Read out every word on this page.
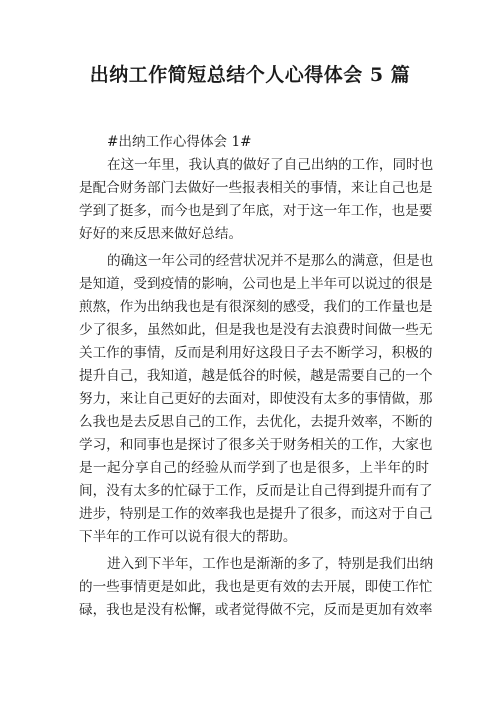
出纳工作简短总结个人心得体会 5 篇

#出纳工作心得体会 1#

在这一年里，我认真的做好了自己出纳的工作，同时也
是配合财务部门去做好一些报表相关的事情，来让自己也是
学到了挺多，而今也是到了年底，对于这一年工作，也是要
好好的来反思来做好总结。
的确这一年公司的经营状况并不是那么的满意，但是也
是知道，受到疫情的影响，公司也是上半年可以说过的很是
煎熬，作为出纳我也是有很深刻的感受，我们的工作量也是
少了很多，虽然如此，但是我也是没有去浪费时间做一些无
关工作的事情，反而是利用好这段日子去不断学习，积极的
提升自己，我知道，越是低谷的时候，越是需要自己的一个
努力，来让自己更好的去面对，即使没有太多的事情做，那
么我也是去反思自己的工作，去优化，去提升效率，不断的
学习，和同事也是探讨了很多关于财务相关的工作，大家也
是一起分享自己的经验从而学到了也是很多，上半年的时
间，没有太多的忙碌于工作，反而是让自己得到提升而有了
进步，特别是工作的效率我也是提升了很多，而这对于自己
下半年的工作可以说有很大的帮助。
进入到下半年，工作也是渐渐的多了，特别是我们出纳
的一些事情更是如此，我也是更有效的去开展，即使工作忙
碌，我也是没有松懈，或者觉得做不完，反而是更加有效率
